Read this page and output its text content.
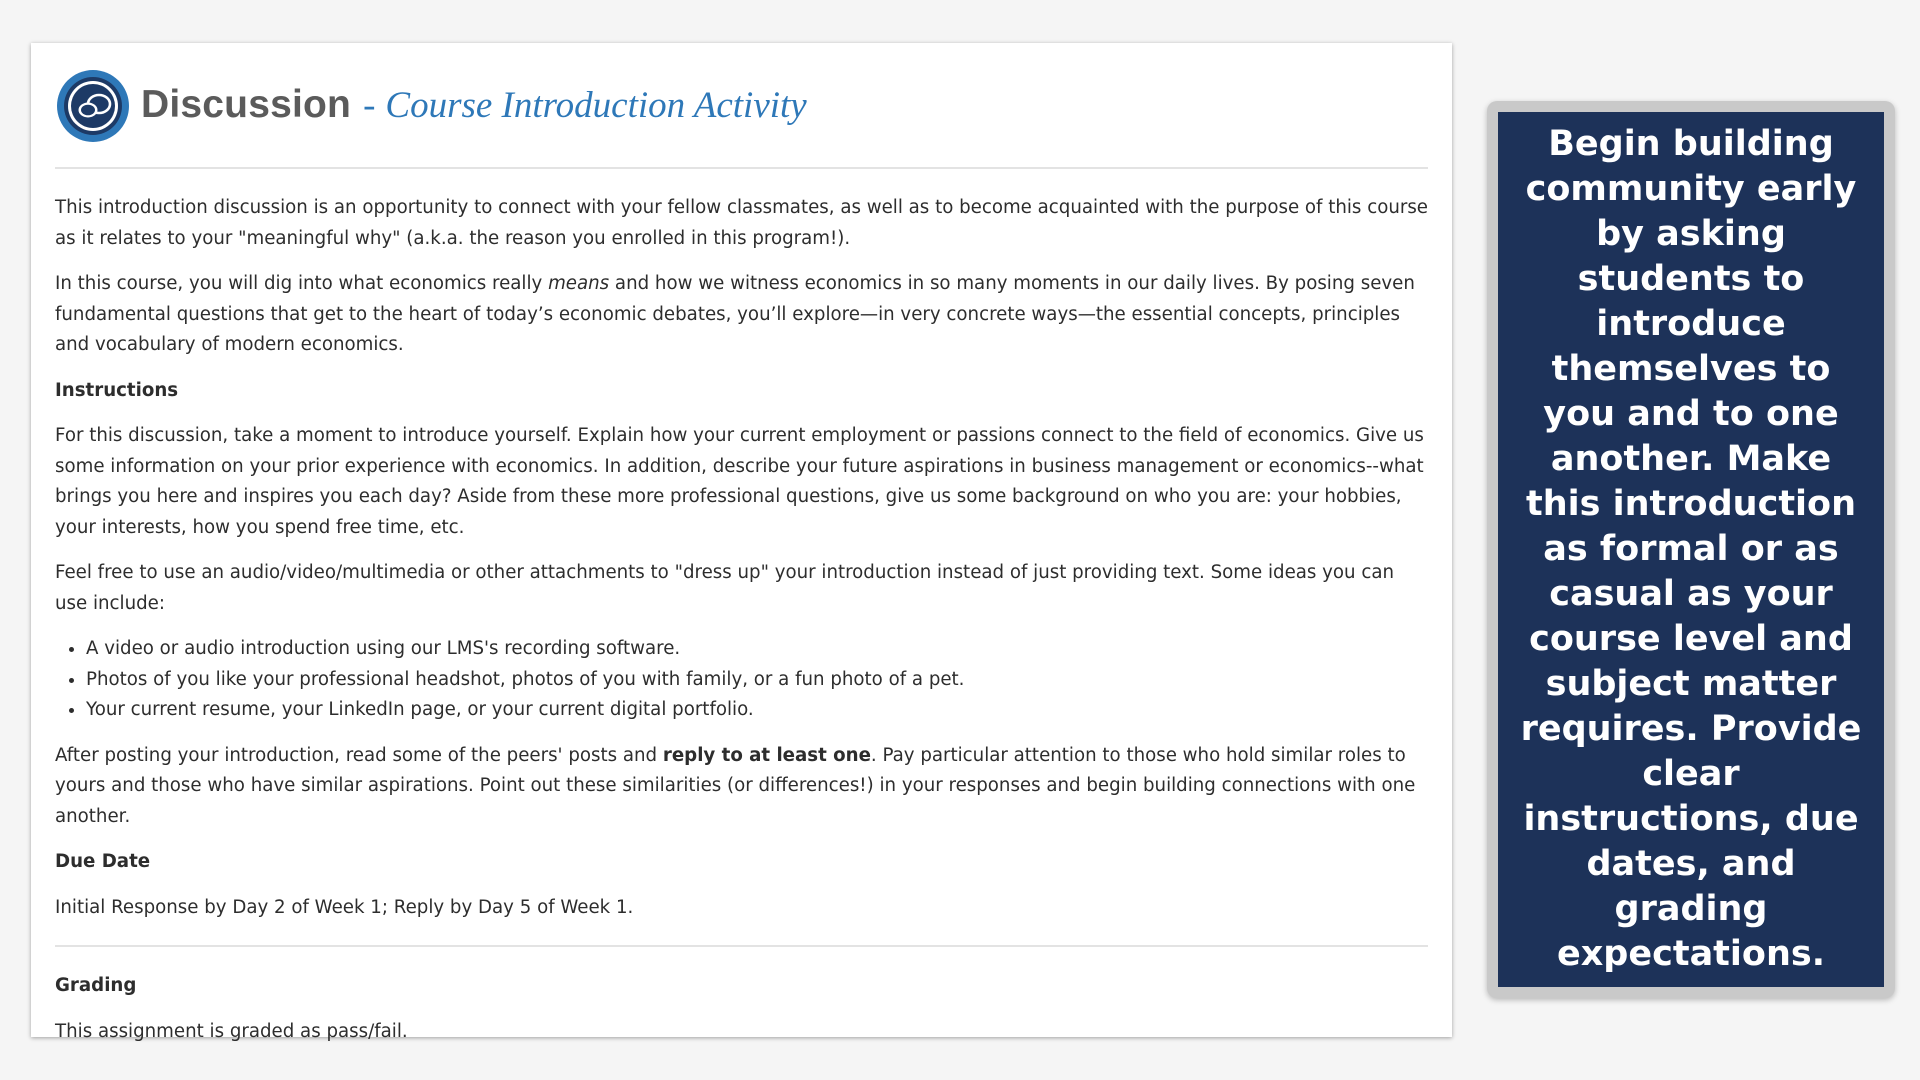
Discussion - Course Introduction Activity

This introduction discussion is an opportunity to connect with your fellow classmates, as well as to become acquainted with the purpose of this course as it relates to your "meaningful why" (a.k.a. the reason you enrolled in this program!).

In this course, you will dig into what economics really means and how we witness economics in so many moments in our daily lives. By posing seven fundamental questions that get to the heart of today’s economic debates, you’ll explore—in very concrete ways—the essential concepts, principles and vocabulary of modern economics.

Instructions

For this discussion, take a moment to introduce yourself. Explain how your current employment or passions connect to the field of economics. Give us some information on your prior experience with economics. In addition, describe your future aspirations in business management or economics--what brings you here and inspires you each day? Aside from these more professional questions, give us some background on who you are: your hobbies, your interests, how you spend free time, etc.

Feel free to use an audio/video/multimedia or other attachments to "dress up" your introduction instead of just providing text. Some ideas you can use include:

• A video or audio introduction using our LMS's recording software.
• Photos of you like your professional headshot, photos of you with family, or a fun photo of a pet.
• Your current resume, your LinkedIn page, or your current digital portfolio.

After posting your introduction, read some of the peers' posts and reply to at least one. Pay particular attention to those who hold similar roles to yours and those who have similar aspirations. Point out these similarities (or differences!) in your responses and begin building connections with one another.

Due Date

Initial Response by Day 2 of Week 1; Reply by Day 5 of Week 1.

Grading

This assignment is graded as pass/fail.

Begin building community early by asking students to introduce themselves to you and to one another. Make this introduction as formal or as casual as your course level and subject matter requires. Provide clear instructions, due dates, and grading expectations.
